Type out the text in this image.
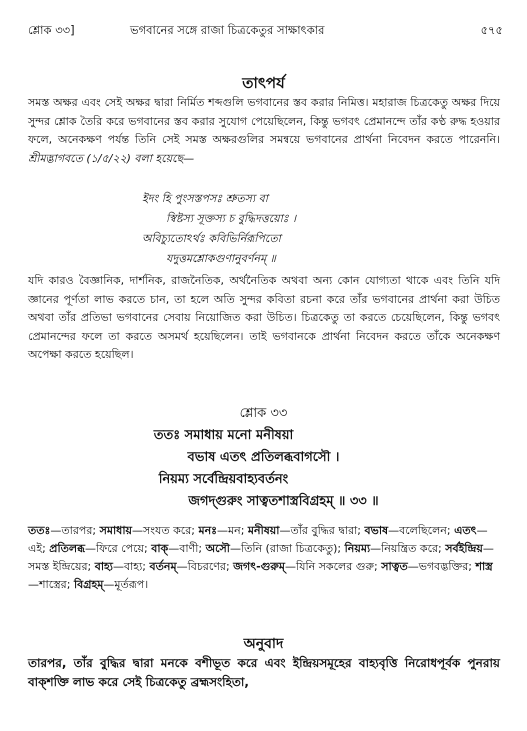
শ্লোক ৩৩]	ভগবানের সঙ্গে রাজা চিত্রকেতুর সাক্ষাৎকার	৫৭৫
তাৎপর্য
সমস্ত অক্ষর এবং সেই অক্ষর দ্বারা নির্মিত শব্দগুলি ভগবানের স্তব করার নিমিত্ত। মহারাজ চিত্রকেতু অক্ষর দিয়ে সুন্দর শ্লোক তৈরি করে ভগবানের স্তব করার সুযোগ পেয়েছিলেন, কিন্তু ভগবৎ প্রেমানন্দে তাঁর কণ্ঠ রুদ্ধ হওয়ার ফলে, অনেকক্ষণ পর্যন্ত তিনি সেই সমস্ত অক্ষরগুলির সমন্বয়ে ভগবানের প্রার্থনা নিবেদন করতে পারেননি। শ্রীমদ্ভাগবতে (১/৫/২২) বলা হয়েছে—
ইদং হি পুংসস্তপসঃ শ্রুতস্য বা
স্বিষ্টস্য সূক্তস্য চ বুদ্ধিদত্তয়োঃ ।
অবিচ্যুতোঽর্থঃ কবিভির্নিরূপিতো
যদুত্তমশ্লোকগুণানুবর্ণনম্ ॥
যদি কারও বৈজ্ঞানিক, দার্শনিক, রাজনৈতিক, অর্থনৈতিক অথবা অন্য কোন যোগ্যতা থাকে এবং তিনি যদি জ্ঞানের পূর্ণতা লাভ করতে চান, তা হলে অতি সুন্দর কবিতা রচনা করে তাঁর ভগবানের প্রার্থনা করা উচিত অথবা তাঁর প্রতিভা ভগবানের সেবায় নিয়োজিত করা উচিত। চিত্রকেতু তা করতে চেয়েছিলেন, কিন্তু ভগবৎ প্রেমানন্দের ফলে তা করতে অসমর্থ হয়েছিলেন। তাই ভগবানকে প্রার্থনা নিবেদন করতে তাঁকে অনেকক্ষণ অপেক্ষা করতে হয়েছিল।
শ্লোক ৩৩
ততঃ সমাধায় মনো মনীষয়া
বভাষ এতৎ প্রতিলব্ধবাগসৌ ।
নিয়ম্য সর্বেন্দ্রিয়বাহ্যবর্তনং
জগদ্‌গুরুং সাত্বতশাস্ত্রবিগ্রহম্ ॥ ৩৩ ॥
ততঃ—তারপর; সমাধায়—সংযত করে; মনঃ—মন; মনীষয়া—তাঁর বুদ্ধির দ্বারা; বভাষ—বলেছিলেন; এতৎ—এই; প্রতিলব্ধ—ফিরে পেয়ে; বাক্—বাণী; অসৌ—তিনি (রাজা চিত্রকেতু); নিয়ম্য—নিয়ন্ত্রিত করে; সর্বইন্দ্রিয়—সমস্ত ইন্দ্রিয়ের; বাহ্য—বাহ্য; বর্তনম্—বিচরণের; জগৎ-গুরুম্—যিনি সকলের গুরু; সাত্বত—ভগবদ্ভক্তির; শাস্ত্র—শাস্ত্রের; বিগ্রহম্—মূর্তরূপ।
অনুবাদ
তারপর, তাঁর বুদ্ধির দ্বারা মনকে বশীভূত করে এবং ইন্দ্রিয়সমূহের বাহ্যবৃত্তি নিরোধপূর্বক পুনরায় বাক্‌শক্তি লাভ করে সেই চিত্রকেতু ব্রহ্মসংহিতা,
